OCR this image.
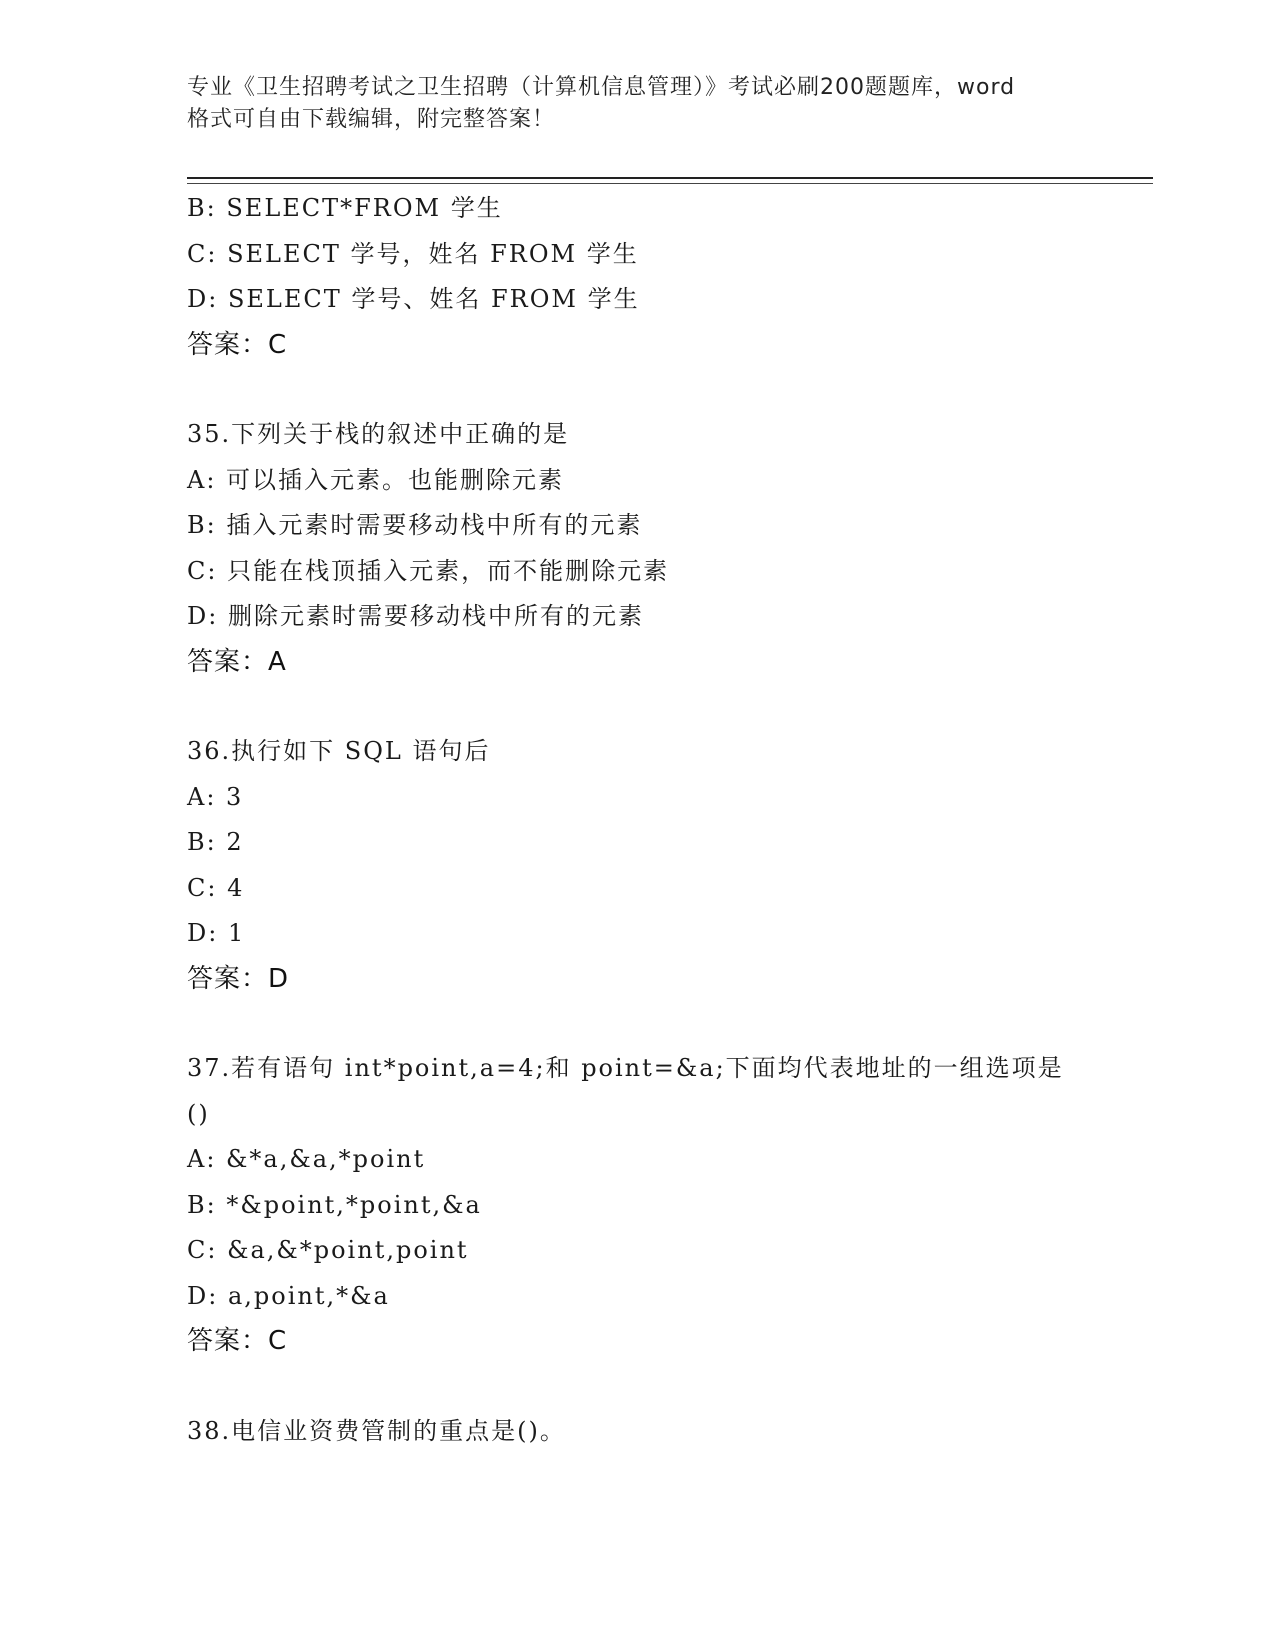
专业《卫生招聘考试之卫生招聘（计算机信息管理）》考试必刷200题题库，word
格式可自由下载编辑，附完整答案！
B: SELECT*FROM 学生
C: SELECT 学号，姓名 FROM 学生
D: SELECT 学号、姓名 FROM 学生
答案：C
35.下列关于栈的叙述中正确的是
A: 可以插入元素。也能删除元素
B: 插入元素时需要移动栈中所有的元素
C: 只能在栈顶插入元素，而不能删除元素
D: 删除元素时需要移动栈中所有的元素
答案：A
36.执行如下 SQL 语句后
A: 3
B: 2
C: 4
D: 1
答案：D
37.若有语句 int*point,a=4;和 point=&a;下面均代表地址的一组选项是()
A: &*a,&a,*point
B: *&point,*point,&a
C: &a,&*point,point
D: a,point,*&a
答案：C
38.电信业资费管制的重点是()。
